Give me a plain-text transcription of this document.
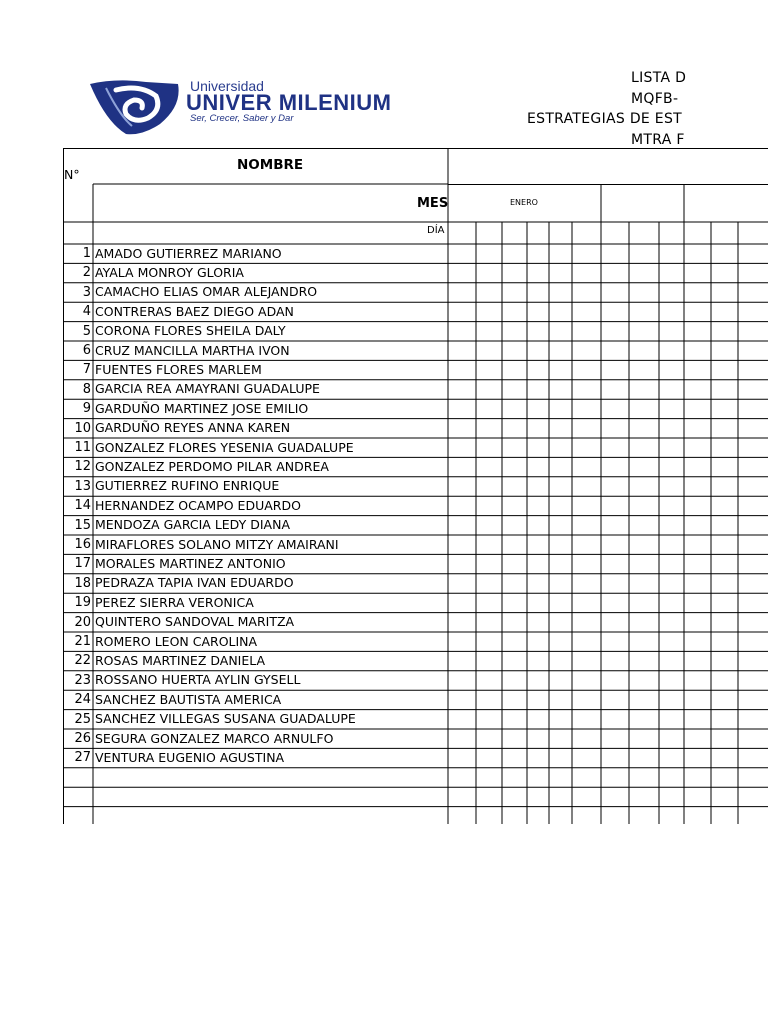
Universidad
UNIVER MILENIUM
Ser, Crecer, Saber y Dar
LISTA D
MQFB-
ESTRATEGIAS DE EST
MTRA F
N°
NOMBRE
MES	ENERO
DÍA
1 AMADO GUTIERREZ MARIANO
2 AYALA MONROY GLORIA
3 CAMACHO ELIAS OMAR ALEJANDRO
4 CONTRERAS BAEZ DIEGO ADAN
5 CORONA FLORES SHEILA DALY
6 CRUZ MANCILLA MARTHA IVON
7 FUENTES FLORES MARLEM
8 GARCIA REA AMAYRANI GUADALUPE
9 GARDUÑO MARTINEZ JOSE EMILIO
10 GARDUÑO REYES ANNA KAREN
11 GONZALEZ FLORES YESENIA GUADALUPE
12 GONZALEZ PERDOMO PILAR ANDREA
13 GUTIERREZ RUFINO ENRIQUE
14 HERNANDEZ OCAMPO EDUARDO
15 MENDOZA GARCIA LEDY DIANA
16 MIRAFLORES SOLANO MITZY AMAIRANI
17 MORALES MARTINEZ ANTONIO
18 PEDRAZA TAPIA IVAN EDUARDO
19 PEREZ SIERRA VERONICA
20 QUINTERO SANDOVAL MARITZA
21 ROMERO LEON CAROLINA
22 ROSAS MARTINEZ DANIELA
23 ROSSANO HUERTA AYLIN GYSELL
24 SANCHEZ BAUTISTA AMERICA
25 SANCHEZ VILLEGAS SUSANA GUADALUPE
26 SEGURA GONZALEZ MARCO ARNULFO
27 VENTURA EUGENIO AGUSTINA
